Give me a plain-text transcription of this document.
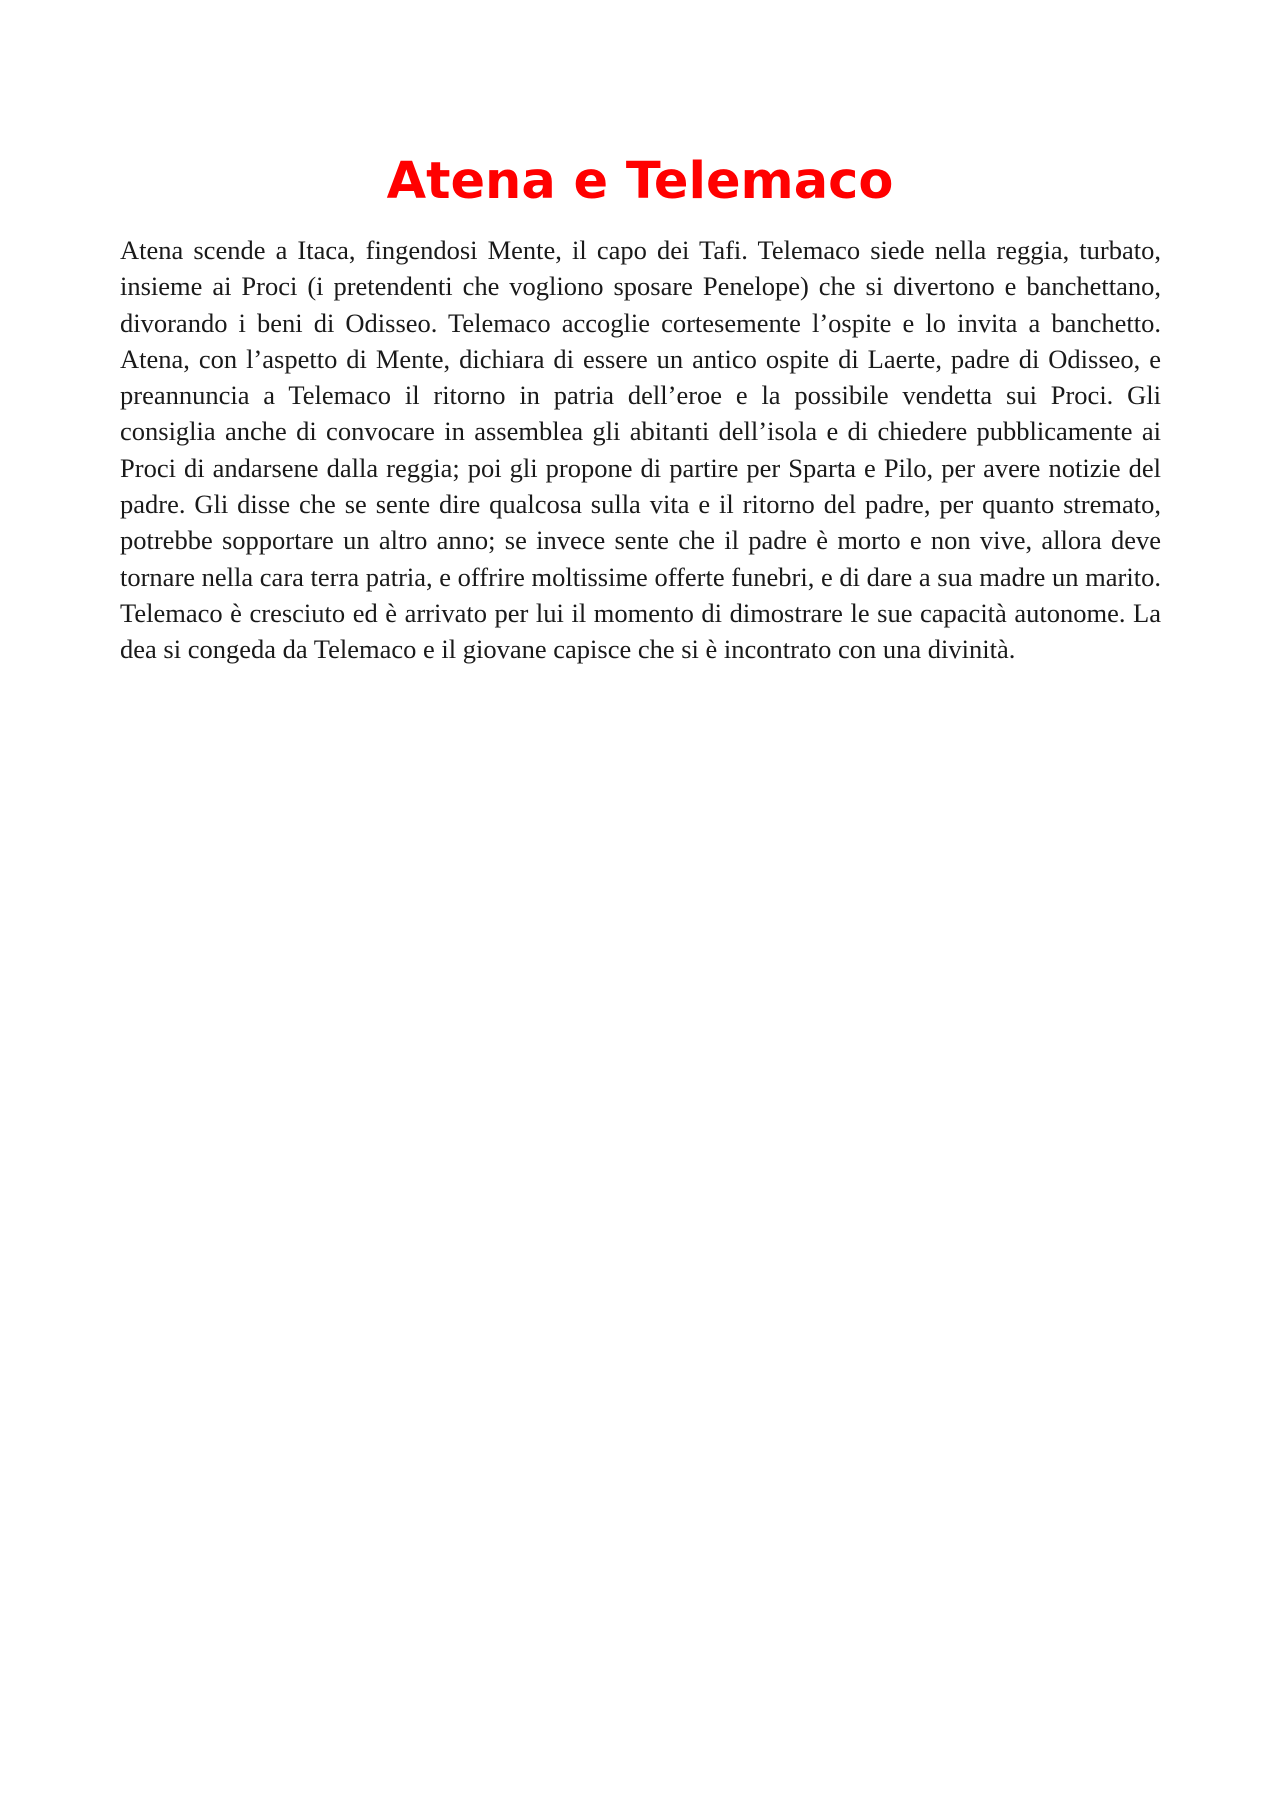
Atena e Telemaco

Atena scende a Itaca, fingendosi Mente, il capo dei Tafi. Telemaco siede nella reggia, turbato, insieme ai Proci (i pretendenti che vogliono sposare Penelope) che si divertono e banchettano, divorando i beni di Odisseo. Telemaco accoglie cortesemente l’ospite e lo invita a banchetto. Atena, con l’aspetto di Mente, dichiara di essere un antico ospite di Laerte, padre di Odisseo, e preannuncia a Telemaco il ritorno in patria dell’eroe e la possibile vendetta sui Proci. Gli consiglia anche di convocare in assemblea gli abitanti dell’isola e di chiedere pubblicamente ai Proci di andarsene dalla reggia; poi gli propone di partire per Sparta e Pilo, per avere notizie del padre. Gli disse che se sente dire qualcosa sulla vita e il ritorno del padre, per quanto stremato, potrebbe sopportare un altro anno; se invece sente che il padre è morto e non vive, allora deve tornare nella cara terra patria, e offrire moltissime offerte funebri, e di dare a sua madre un marito. Telemaco è cresciuto ed è arrivato per lui il momento di dimostrare le sue capacità autonome. La dea si congeda da Telemaco e il giovane capisce che si è incontrato con una divinità.
